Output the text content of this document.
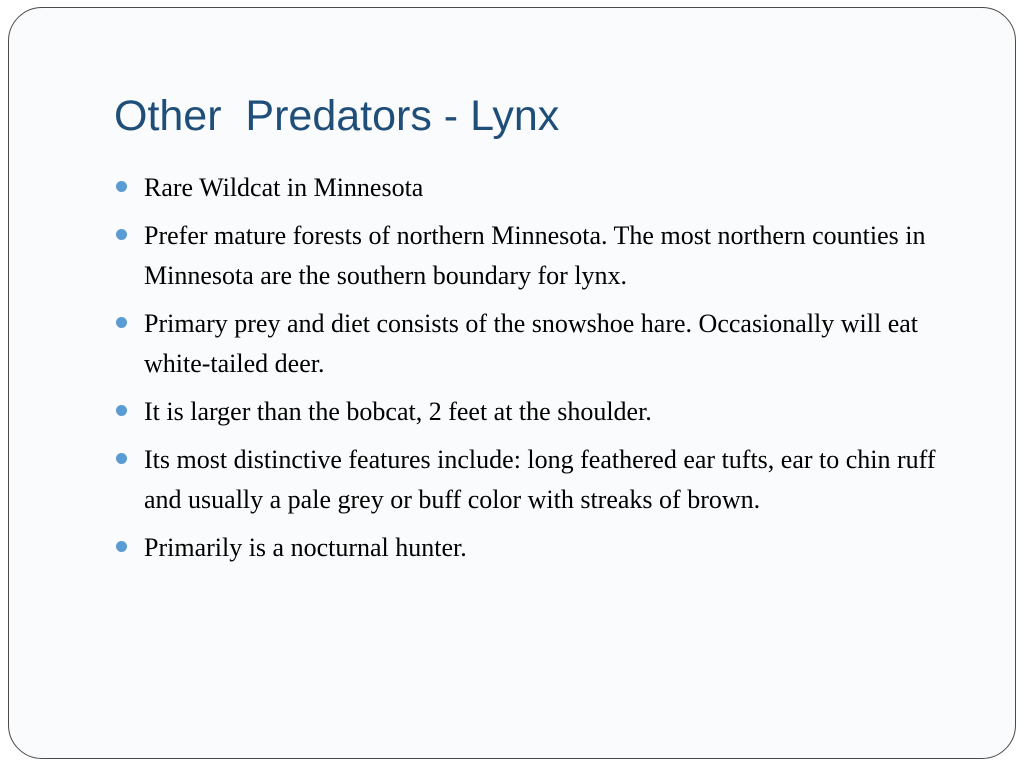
Other  Predators - Lynx
Rare Wildcat in Minnesota
Prefer mature forests of northern Minnesota. The most northern counties in Minnesota are the southern boundary for lynx.
Primary prey and diet consists of the snowshoe hare. Occasionally will eat white-tailed deer.
It is larger than the bobcat, 2 feet at the shoulder.
Its most distinctive features include: long feathered ear tufts, ear to chin ruff and usually a pale grey or buff color with streaks of brown.
Primarily is a nocturnal hunter.
